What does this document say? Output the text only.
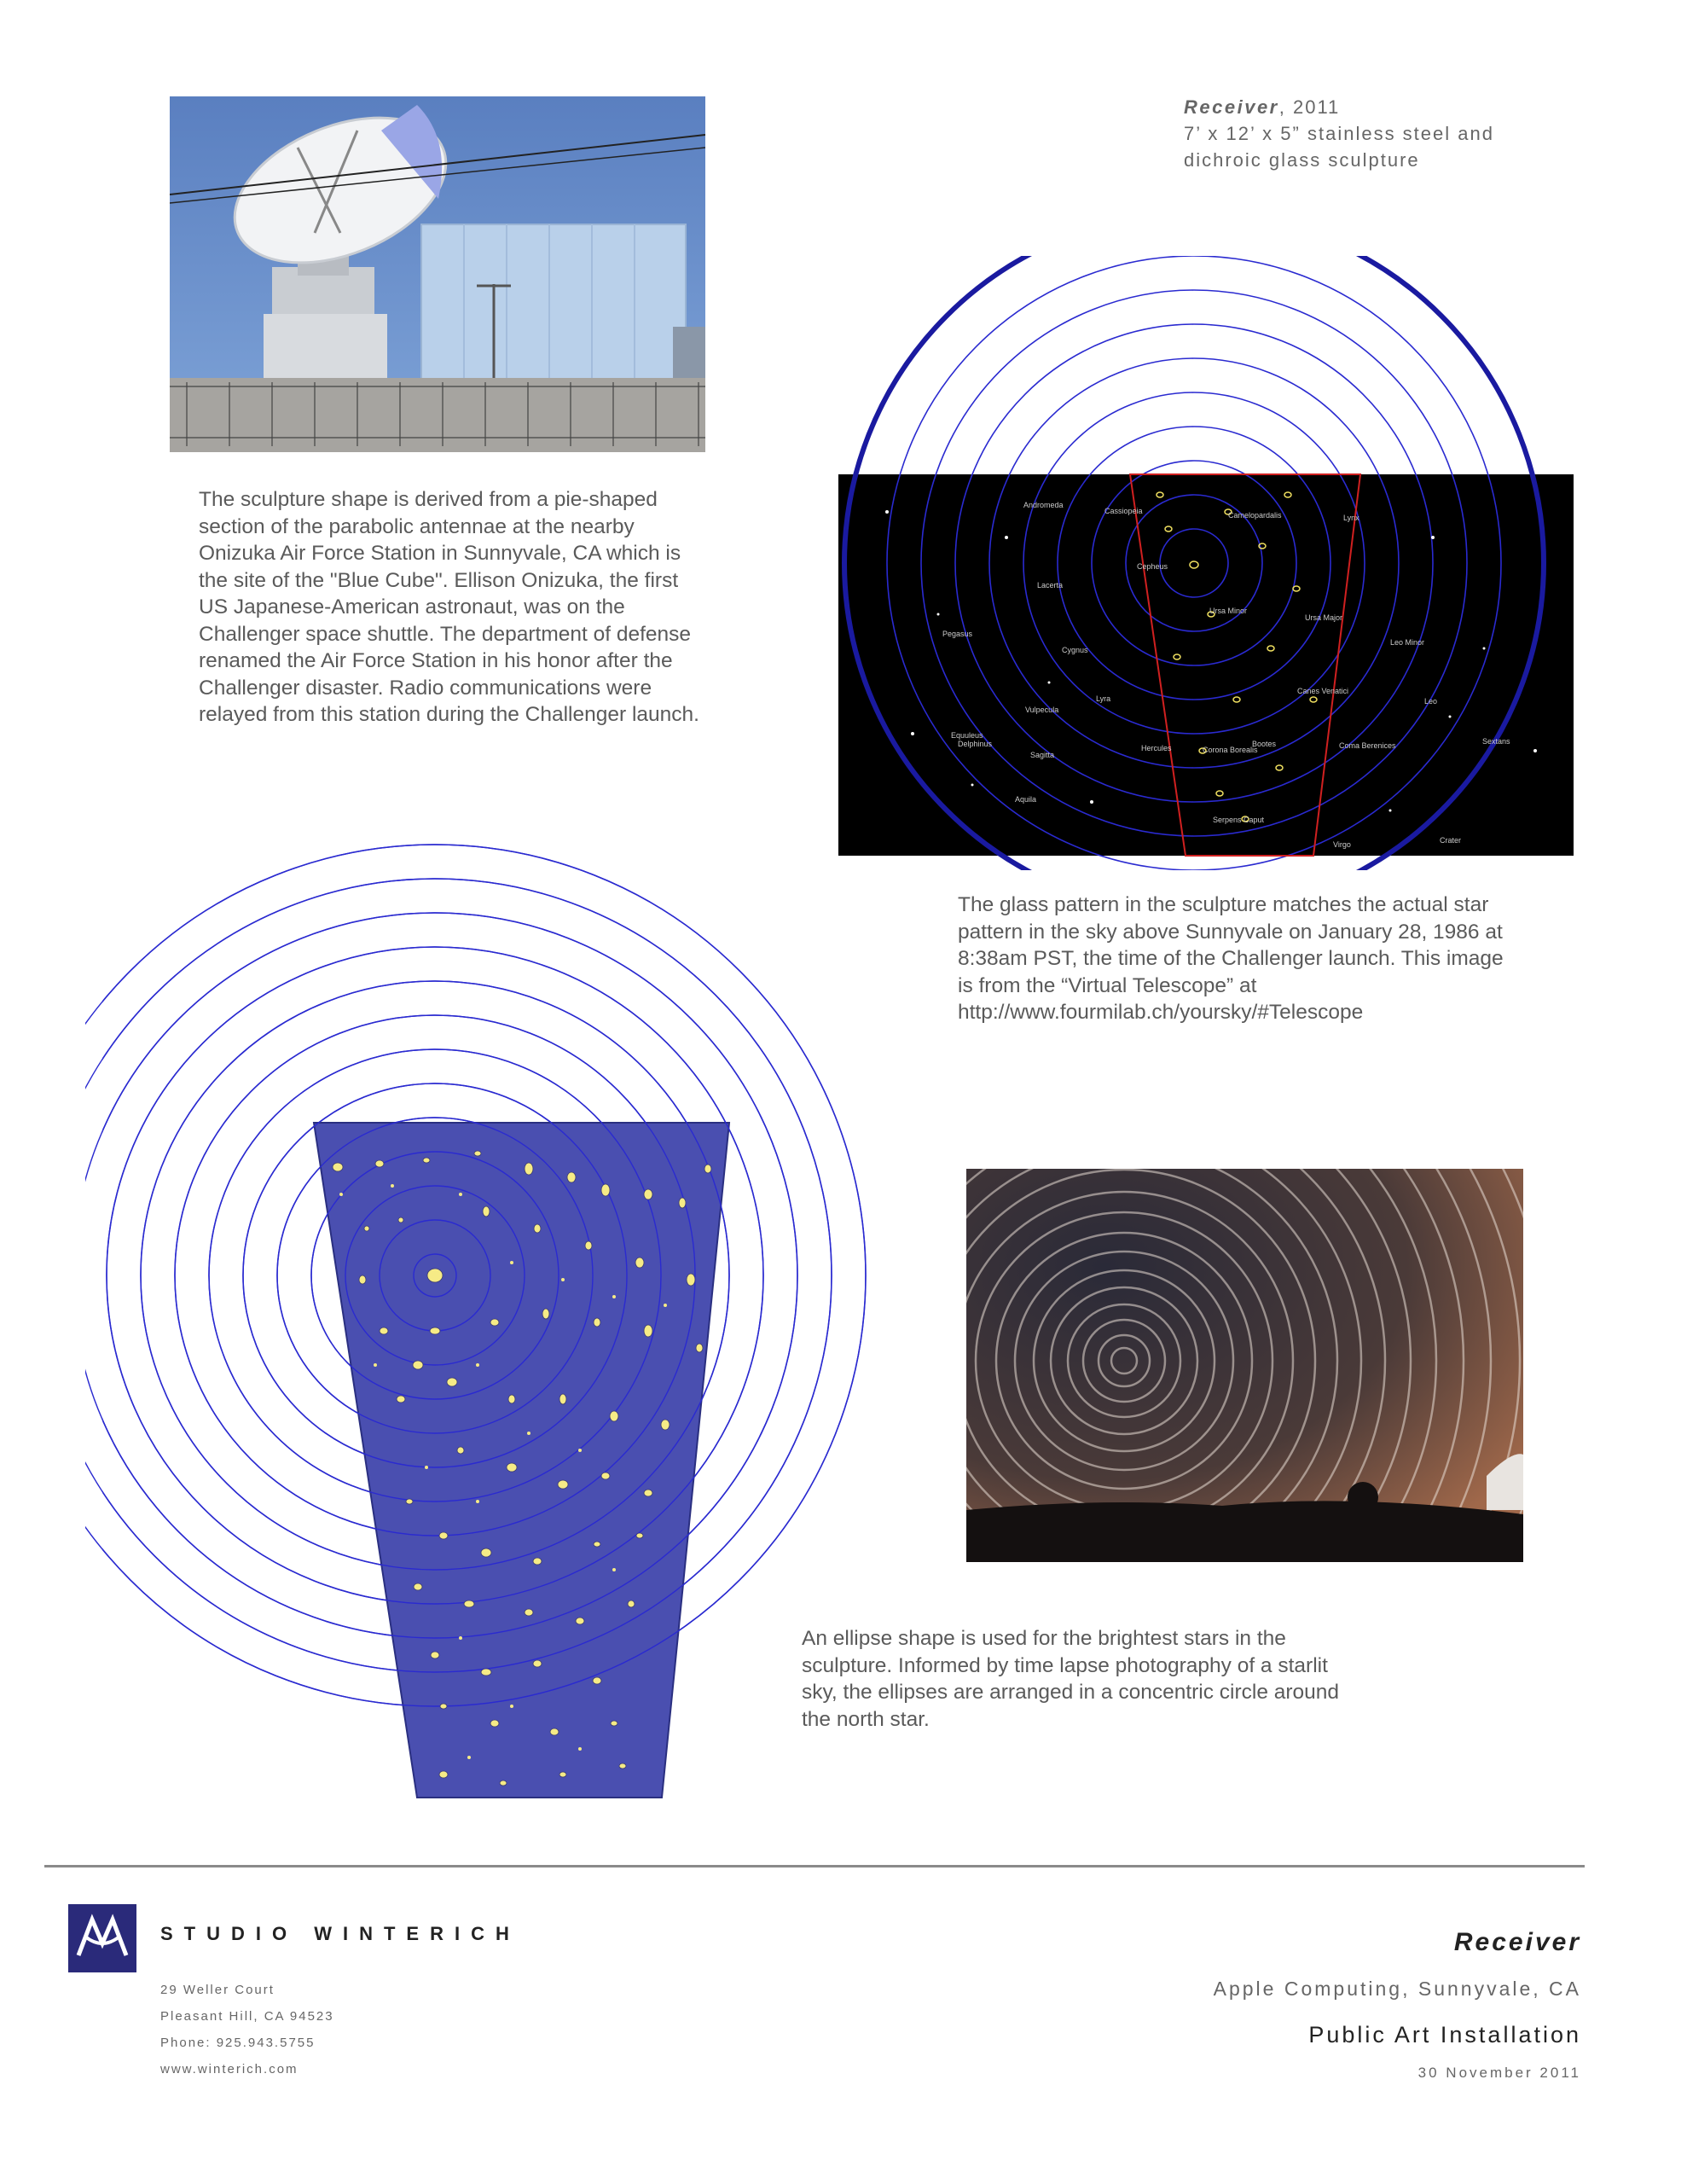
Receiver, 2011
7’ x 12’ x 5” stainless steel and
dichroic glass sculpture
The sculpture shape is derived from a pie-shaped section of the parabolic antennae at the nearby Onizuka Air Force Station in Sunnyvale, CA which is the site of the "Blue Cube". Ellison Onizuka, the first US Japanese-American astronaut, was on the Challenger space shuttle. The department of defense renamed the Air Force Station in his honor after the Challenger disaster. Radio communications were relayed from this station during the Challenger launch.
Andromeda
Cassiopeia	Camelopardalis	Lynx
Cepheus
Ursa Minor
Ursa Major
Lacerta
Pegasus
Cygnus
Leo Minor
Canes Venatici
Lyra	Leo
Vulpecula
Equuleus
Delphinus
Sagitta
Hercules	Corona Borealis
Bootes	Coma Berenices	Sextans
Aquila
Serpens Caput
Virgo	Crater
The glass pattern in the sculpture matches the actual star pattern in the sky above Sunnyvale on January 28, 1986 at 8:38am PST, the time of the Challenger launch. This image is from the “Virtual Telescope” at http://www.fourmilab.ch/yoursky/#Telescope
An ellipse shape is used for the brightest stars in the sculpture. Informed by time lapse photography of a starlit sky, the ellipses are arranged in a concentric circle around the north star.
STUDIO WINTERICH
29 Weller Court
Pleasant Hill, CA 94523
Phone: 925.943.5755
www.winterich.com
Receiver
Apple Computing, Sunnyvale, CA
Public Art Installation
30 November 2011
